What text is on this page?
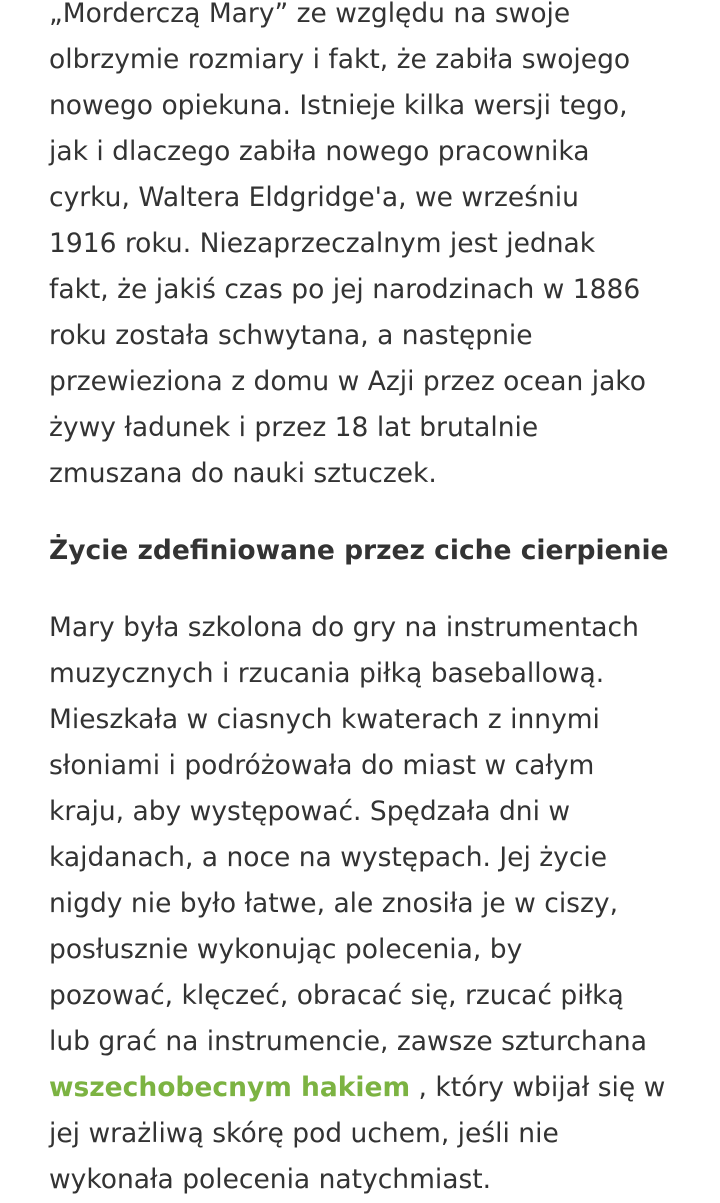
„Morderczą Mary” ze względu na swoje
olbrzymie rozmiary i fakt, że zabiła swojego
nowego opiekuna. Istnieje kilka wersji tego,
jak i dlaczego zabiła nowego pracownika
cyrku, Waltera Eldgridge'a, we wrześniu
1916 roku. Niezaprzeczalnym jest jednak
fakt, że jakiś czas po jej narodzinach w 1886
roku została schwytana, a następnie
przewieziona z domu w Azji przez ocean jako
żywy ładunek i przez 18 lat brutalnie
zmuszana do nauki sztuczek.

Życie zdefiniowane przez ciche cierpienie

Mary była szkolona do gry na instrumentach
muzycznych i rzucania piłką baseballową.
Mieszkała w ciasnych kwaterach z innymi
słoniami i podróżowała do miast w całym
kraju, aby występować. Spędzała dni w
kajdanach, a noce na występach. Jej życie
nigdy nie było łatwe, ale znosiła je w ciszy,
posłusznie wykonując polecenia, by
pozować, klęczeć, obracać się, rzucać piłką
lub grać na instrumencie, zawsze szturchana
wszechobecnym hakiem , który wbijał się w
jej wrażliwą skórę pod uchem, jeśli nie
wykonała polecenia natychmiast.
